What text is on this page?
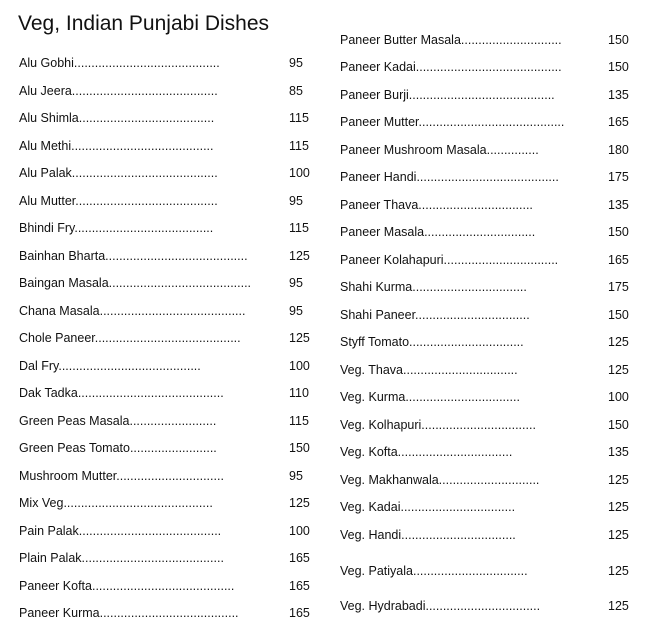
Veg, Indian Punjabi Dishes
Alu Gobhi..........................................	95
Alu Jeera..........................................	85
Alu Shimla.......................................	115
Alu Methi.........................................	115
Alu Palak..........................................	100
Alu Mutter.........................................	95
Bhindi Fry........................................	115
Bainhan Bharta.........................................	125
Baingan Masala.........................................	95
Chana Masala..........................................	95
Chole Paneer..........................................	125
Dal Fry.........................................	100
Dak Tadka..........................................	110
Green Peas Masala.........................	115
Green Peas Tomato.........................	150
Mushroom Mutter...............................	95
Mix Veg...........................................	125
Pain Palak.........................................	100
Plain Palak.........................................	165
Paneer Kofta.........................................	165
Paneer Kurma........................................	165
Paneer Butter Masala.............................	150
Paneer Kadai..........................................	150
Paneer Burji..........................................	135
Paneer Mutter..........................................	165
Paneer Mushroom Masala...............	180
Paneer Handi.........................................	175
Paneer Thava.................................	135
Paneer Masala................................	150
Paneer Kolahapuri.................................	165
Shahi Kurma.................................	175
Shahi Paneer.................................	150
Styff Tomato.................................	125
Veg. Thava.................................	125
Veg. Kurma.................................	100
Veg. Kolhapuri.................................	150
Veg. Kofta.................................	135
Veg. Makhanwala.............................	125
Veg. Kadai.................................	125
Veg. Handi.................................	125
Veg. Patiyala.................................	125
Veg. Hydrabadi.................................	125
